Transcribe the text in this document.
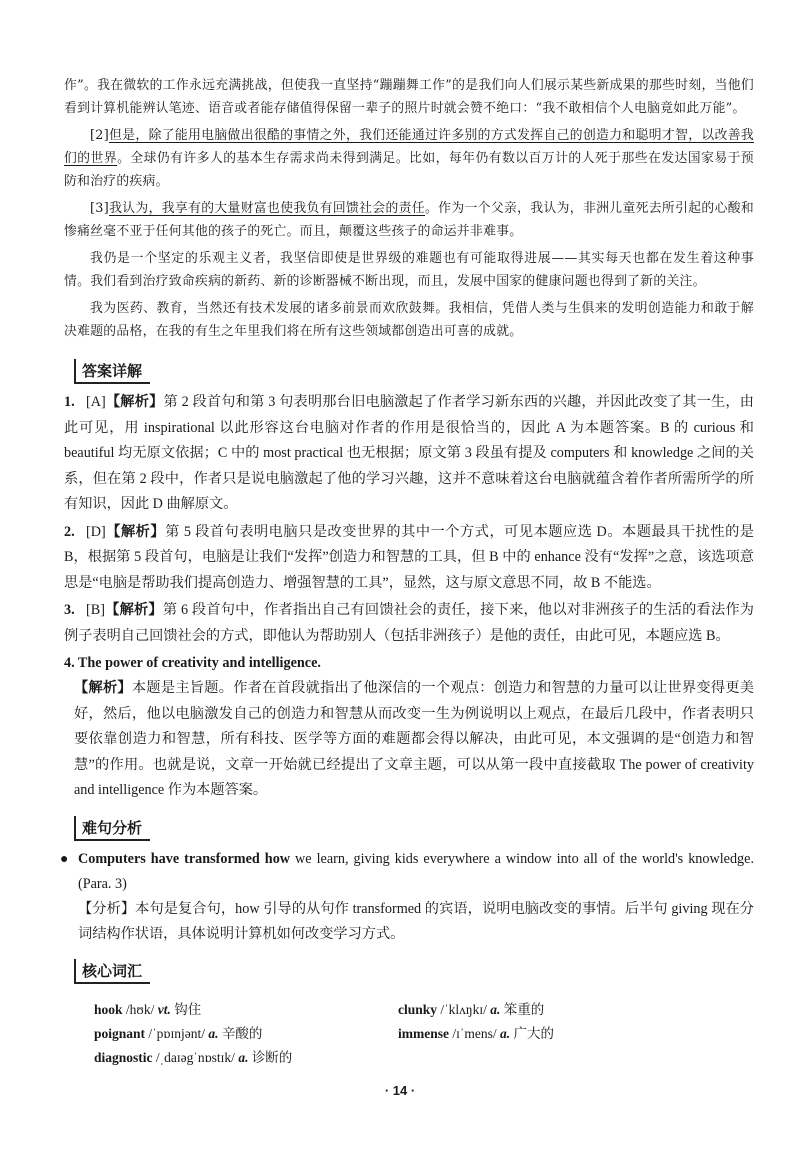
作”。我在微软的工作永远充满挑战，但使我一直坚持“蹦蹦舞工作”的是我们向人们展示某些新成果的那些时刻，当他们看到计算机能辨认笔迹、语音或者能存储值得保留一辈子的照片时就会赞不绝口：“我不敢相信个人电脑竟如此万能”。

[2]但是，除了能用电脑做出很酷的事情之外，我们还能通过许多别的方式发挥自己的创造力和聪明才智，以改善我们的世界。全球仍有许多人的基本生存需求尚未得到满足。比如，每年仍有数以百万计的人死于那些在发达国家易于预防和治疗的疾病。

[3]我认为，我享有的大量财富也使我负有回馈社会的责任。作为一个父亲，我认为，非洲儿童死去所引起的心酸和惨痛丝毫不亚于任何其他的孩子的死亡。而且，颠覆这些孩子的命运并非难事。

我仍是一个坚定的乐观主义者，我坚信即使是世界级的难题也有可能取得进展——其实每天也都在发生着这种事情。我们看到治疗致命疾病的新药、新的诊断器械不断出现，而且，发展中国家的健康问题也得到了新的关注。

我为医药、教育，当然还有技术发展的诸多前景而欢欣鼓舞。我相信，凭借人类与生俱来的发明创造能力和敢于解决难题的品格，在我的有生之年里我们将在所有这些领域都创造出可喜的成就。

答案详解
1. [A]【解析】第 2 段首句和第 3 句表明那台旧电脑激起了作者学习新东西的兴趣，并因此改变了其一生，由此可见，用 inspirational 以此形容这台电脑对作者的作用是很恰当的，因此 A 为本题答案。B 的 curious 和 beautiful 均无原文依据；C 中的 most practical 也无根据；原文第 3 段虽有提及 computers 和 knowledge 之间的关系，但在第 2 段中，作者只是说电脑激起了他的学习兴趣，这并不意味着这台电脑就蕴含着作者所需所学的所有知识，因此 D 曲解原文。
2. [D]【解析】第 5 段首句表明电脑只是改变世界的其中一个方式，可见本题应选 D。本题最具干扰性的是 B，根据第 5 段首句，电脑是让我们“发挥”创造力和智慧的工具，但 B 中的 enhance 没有“发挥”之意，该选项意思是“电脑是帮助我们提高创造力、增强智慧的工具”，显然，这与原文意思不同，故 B 不能选。
3. [B]【解析】第 6 段首句中，作者指出自己有回馈社会的责任，接下来，他以对非洲孩子的生活的看法作为例子表明自己回馈社会的方式，即他认为帮助别人（包括非洲孩子）是他的责任，由此可见，本题应选 B。
4. The power of creativity and intelligence.
【解析】本题是主旨题。作者在首段就指出了他深信的一个观点：创造力和智慧的力量可以让世界变得更美好，然后，他以电脑激发自己的创造力和智慧从而改变一生为例说明以上观点，在最后几段中，作者表明只要依靠创造力和智慧，所有科技、医学等方面的难题都会得以解决，由此可见，本文强调的是“创造力和智慧”的作用。也就是说，文章一开始就已经提出了文章主题，可以从第一段中直接截取 The power of creativity and intelligence 作为本题答案。
难句分析
● Computers have transformed how we learn, giving kids everywhere a window into all of the world's knowledge. (Para. 3)
【分析】本句是复合句，how 引导的从句作 transformed 的宾语，说明电脑改变的事情。后半句 giving 现在分词结构作状语，具体说明计算机如何改变学习方式。
核心词汇
hook /hʊk/ vt. 钩住	clunky /ˈklʌŋkɪ/ a. 笨重的
poignant /ˈpɒɪnjənt/ a. 辛酸的	immense /ɪˈmens/ a. 广大的
diagnostic /ˌdaɪəgˈnɒstɪk/ a. 诊断的
· 14 ·
